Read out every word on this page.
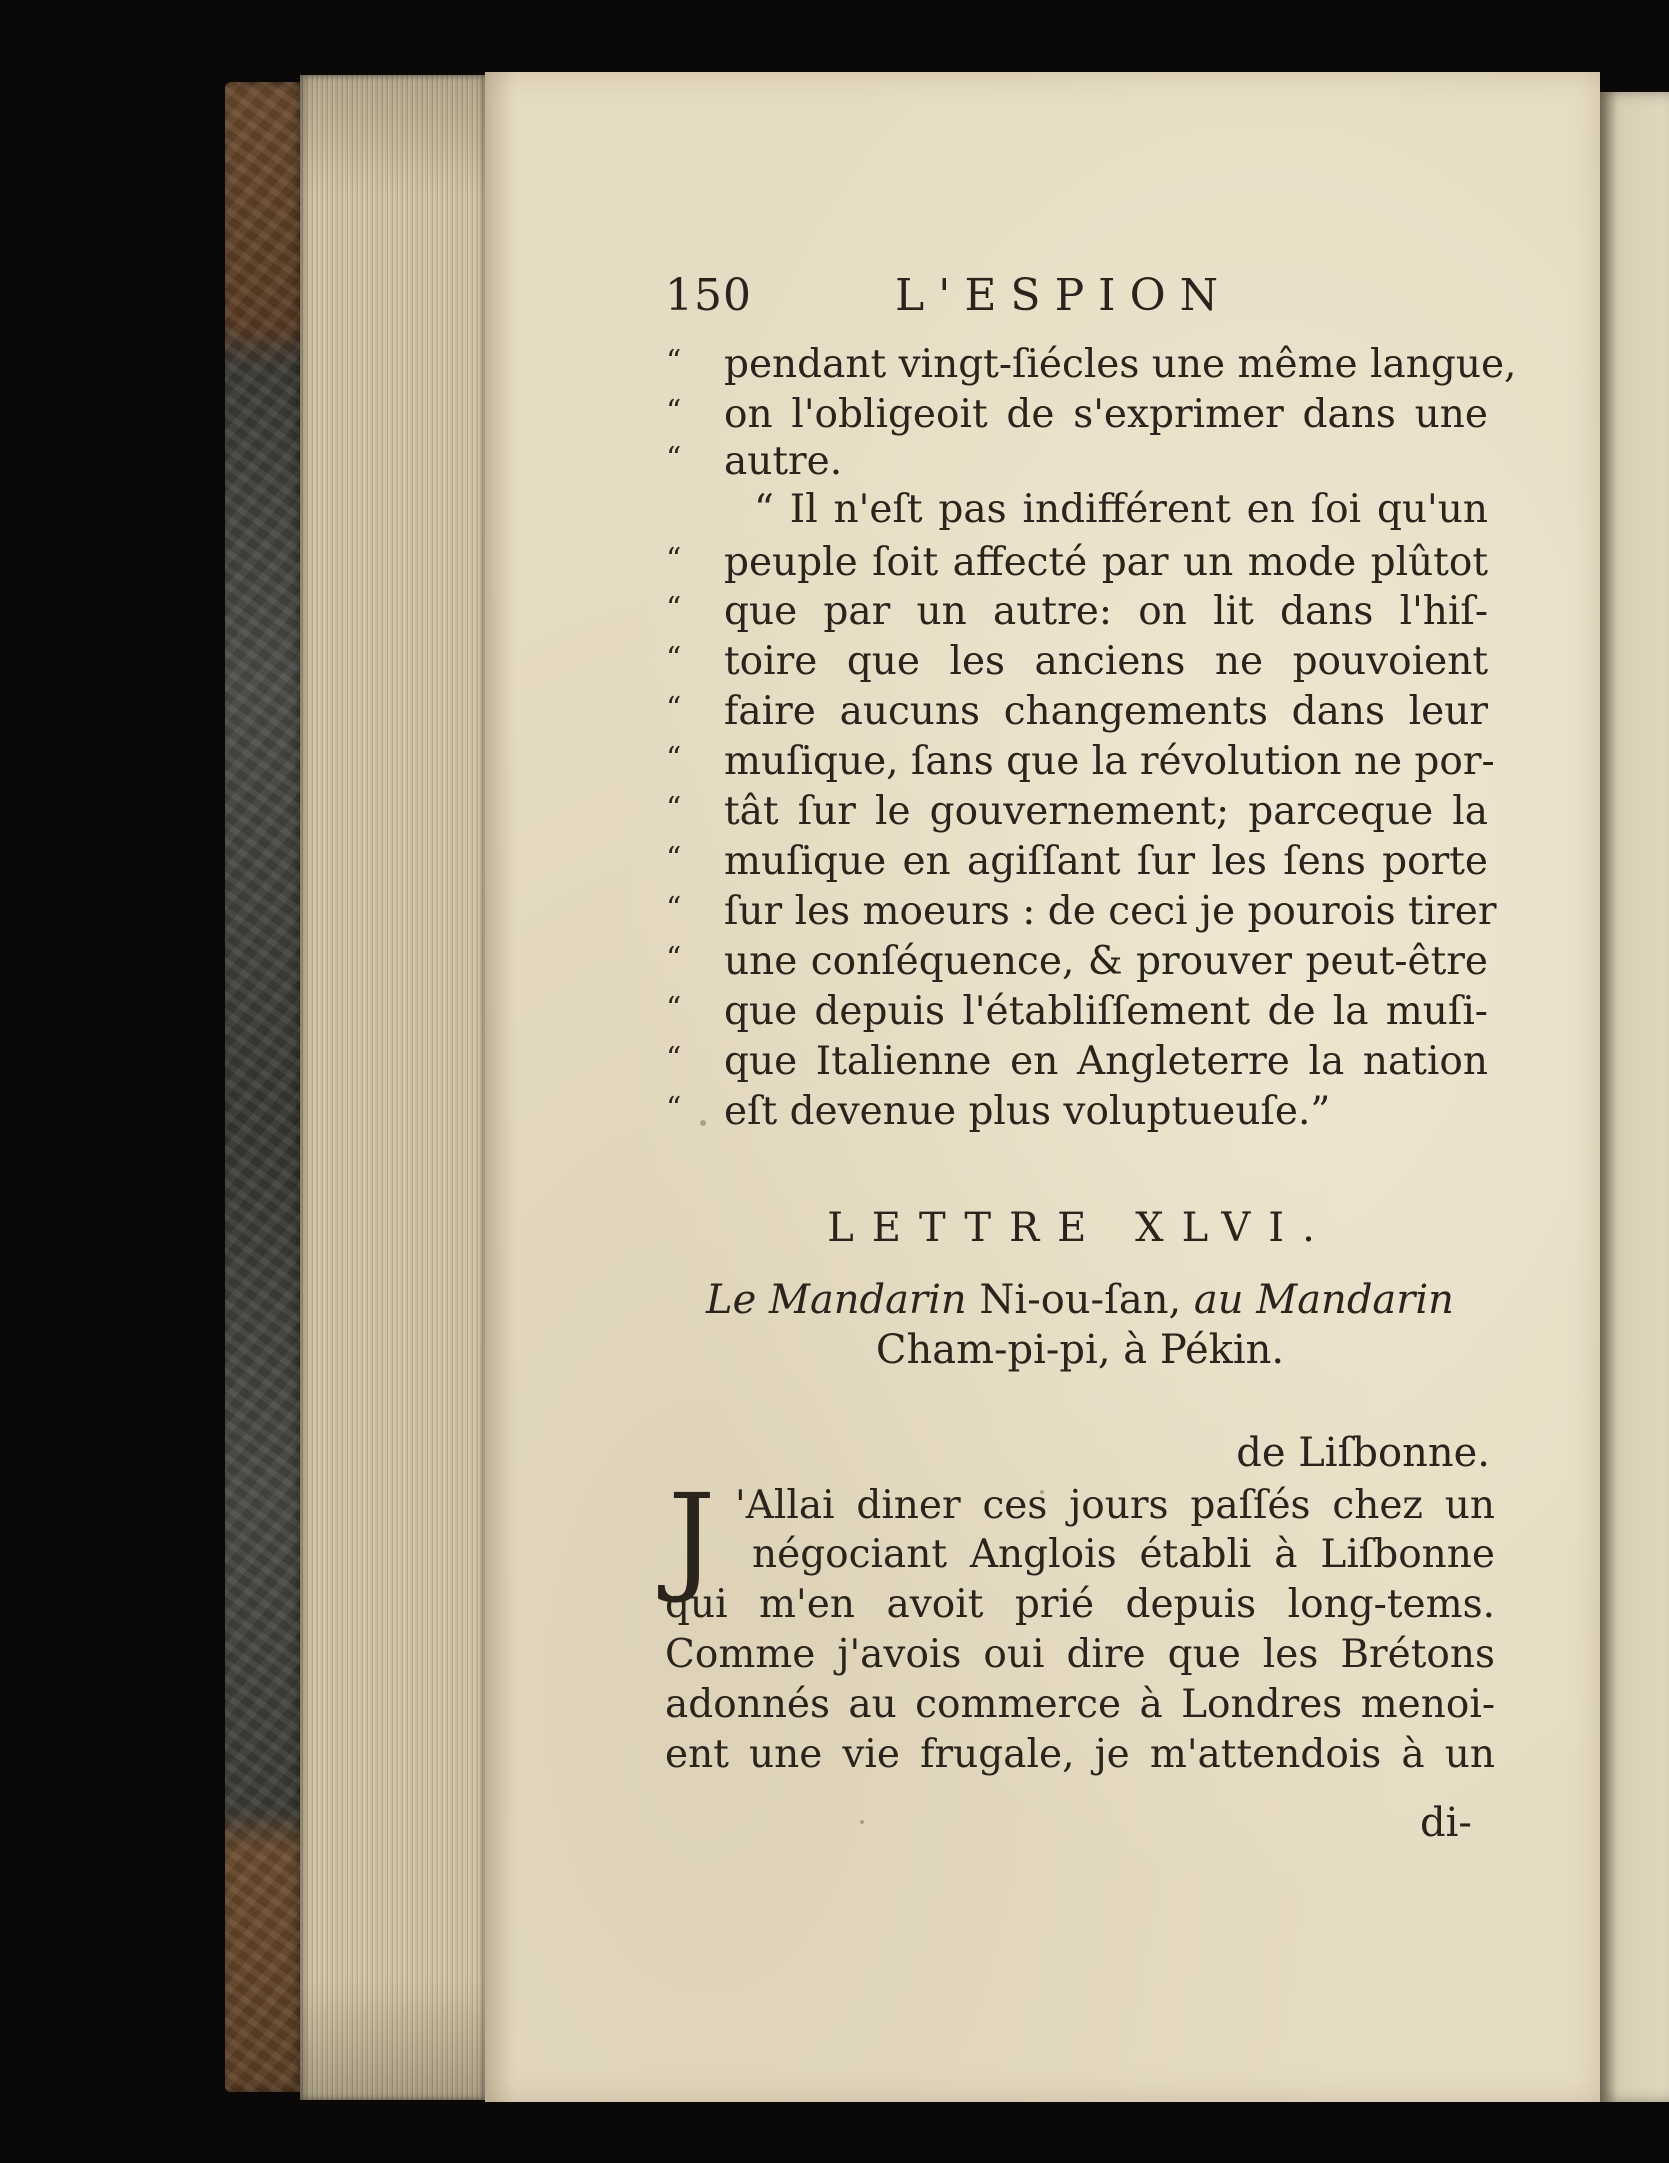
150	L'ESPION
“ pendant vingt-ſiécles une même langue,
“ on l'obligeoit de s'exprimer dans une
“ autre.
“ Il n'eſt pas indifférent en ſoi qu'un
“ peuple ſoit affecté par un mode plûtot
“ que par un autre: on lit dans l'hiſ-
“ toire que les anciens ne pouvoient
“ faire aucuns changements dans leur
“ muſique, ſans que la révolution ne por-
“ tât ſur le gouvernement; parceque la
“ muſique en agiſſant ſur les ſens porte
“ ſur les moeurs : de ceci je pourois tirer
“ une conſéquence, & prouver peut-être
“ que depuis l'établiſſement de la muſi-
“ que Italienne en Angleterre la nation
“ eſt devenue plus voluptueuſe.”
LETTRE XLVI.
Le Mandarin Ni-ou-ſan, au Mandarin
Cham-pi-pi, à Pékin.
de Liſbonne.
J 'Allai diner ces jours paſſés chez un
négociant Anglois établi à Liſbonne
qui m'en avoit prié depuis long-tems.
Comme j'avois oui dire que les Brétons
adonnés au commerce à Londres menoi-
ent une vie frugale, je m'attendois à un
di-
